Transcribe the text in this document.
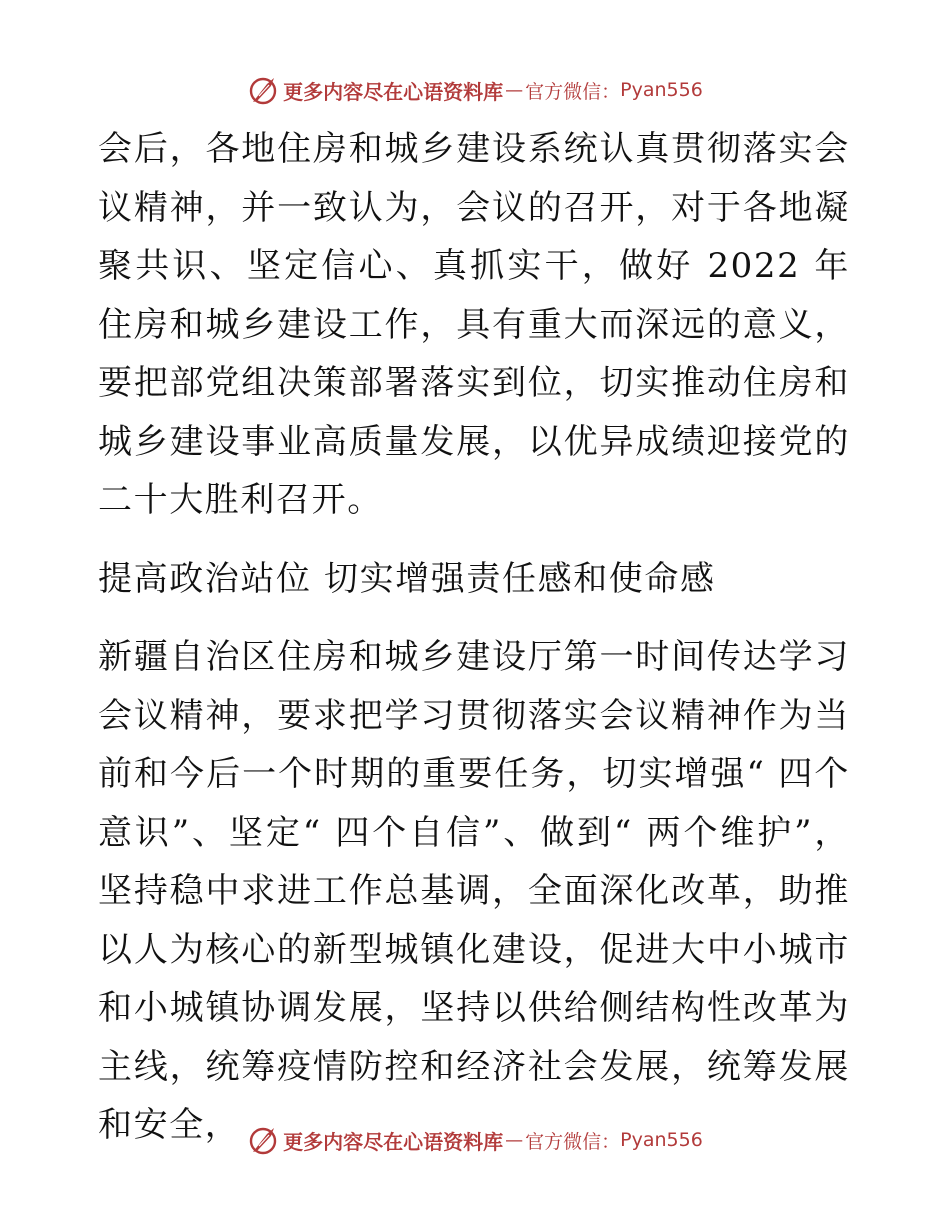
更多内容尽在心语资料库 — 官方微信： Pyan556

会后，各地住房和城乡建设系统认真贯彻落实会议精神，并一致认为，会议的召开，对于各地凝聚共识、坚定信心、真抓实干，做好 2022 年住房和城乡建设工作，具有重大而深远的意义，要把部党组决策部署落实到位，切实推动住房和城乡建设事业高质量发展，以优异成绩迎接党的二十大胜利召开。

提高政治站位 切实增强责任感和使命感

新疆自治区住房和城乡建设厅第一时间传达学习会议精神，要求把学习贯彻落实会议精神作为当前和今后一个时期的重要任务，切实增强“ 四个意识”、坚定“ 四个自信”、做到“ 两个维护”，坚持稳中求进工作总基调，全面深化改革，助推以人为核心的新型城镇化建设，促进大中小城市和小城镇协调发展，坚持以供给侧结构性改革为主线，统筹疫情防控和经济社会发展，统筹发展和安全，	更多内容尽在心语资料库 — 官方微信： Pyan556
